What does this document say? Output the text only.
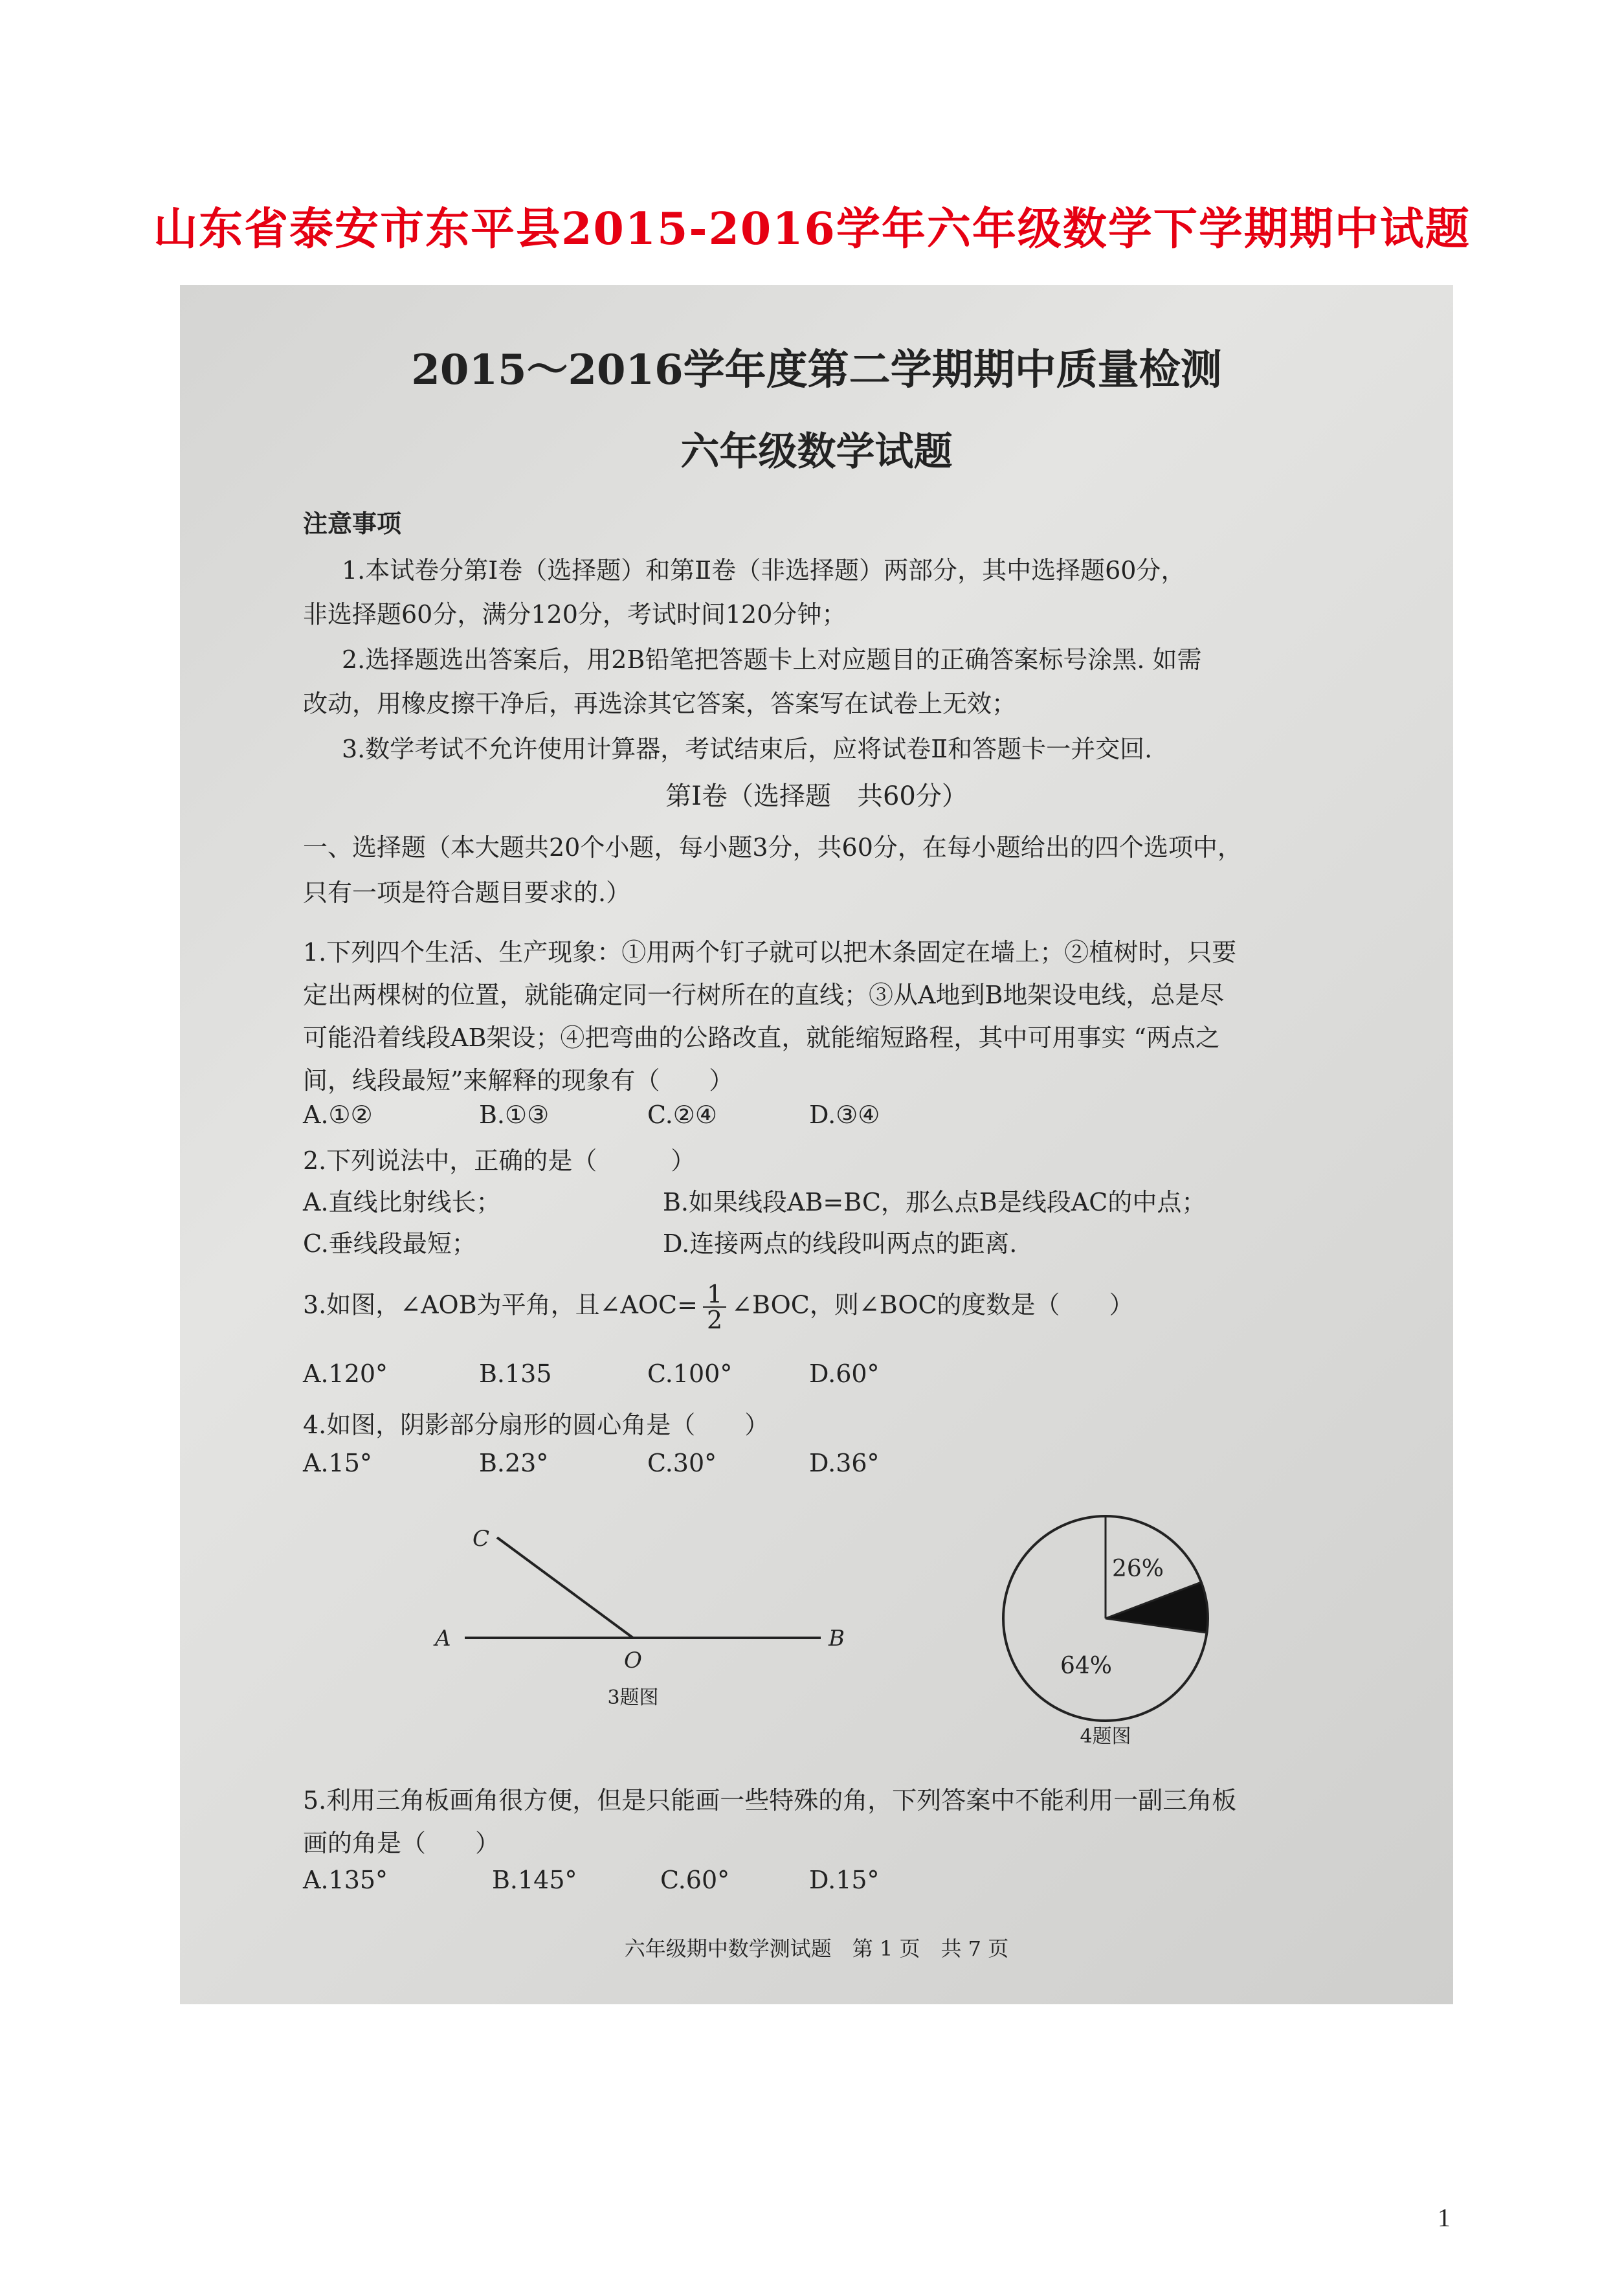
山东省泰安市东平县2015-2016学年六年级数学下学期期中试题
2015～2016学年度第二学期期中质量检测
六年级数学试题
注意事项
1.本试卷分第Ⅰ卷（选择题）和第Ⅱ卷（非选择题）两部分，其中选择题60分，
非选择题60分，满分120分，考试时间120分钟；
2.选择题选出答案后，用2B铅笔把答题卡上对应题目的正确答案标号涂黑. 如需
改动，用橡皮擦干净后，再选涂其它答案，答案写在试卷上无效；
3.数学考试不允许使用计算器，考试结束后，应将试卷Ⅱ和答题卡一并交回.
第Ⅰ卷（选择题　共60分）
一、选择题（本大题共20个小题，每小题3分，共60分，在每小题给出的四个选项中，
只有一项是符合题目要求的.）
1.下列四个生活、生产现象：①用两个钉子就可以把木条固定在墙上；②植树时，只要
定出两棵树的位置，就能确定同一行树所在的直线；③从A地到B地架设电线，总是尽
可能沿着线段AB架设；④把弯曲的公路改直，就能缩短路程，其中可用事实 “两点之
间，线段最短”来解释的现象有（　　）
A.①②	B.①③	C.②④	D.③④
2.下列说法中，正确的是（　　　）
A.直线比射线长；	B.如果线段AB=BC，那么点B是线段AC的中点；
C.垂线段最短；	D.连接两点的线段叫两点的距离.
3.如图，∠AOB为平角，且∠AOC= $\frac{1}{2}$ ∠BOC，则∠BOC的度数是（　　）
A.120°	B.135	C.100°	D.60°
4.如图，阴影部分扇形的圆心角是（　　）
A.15°	B.23°	C.30°	D.36°
C
A
O
B
3题图
26%
64%
4题图
5.利用三角板画角很方便，但是只能画一些特殊的角，下列答案中不能利用一副三角板
画的角是（　　）
A.135°	B.145°	C.60°	D.15°
六年级期中数学测试题　第 1 页　共 7 页
1
